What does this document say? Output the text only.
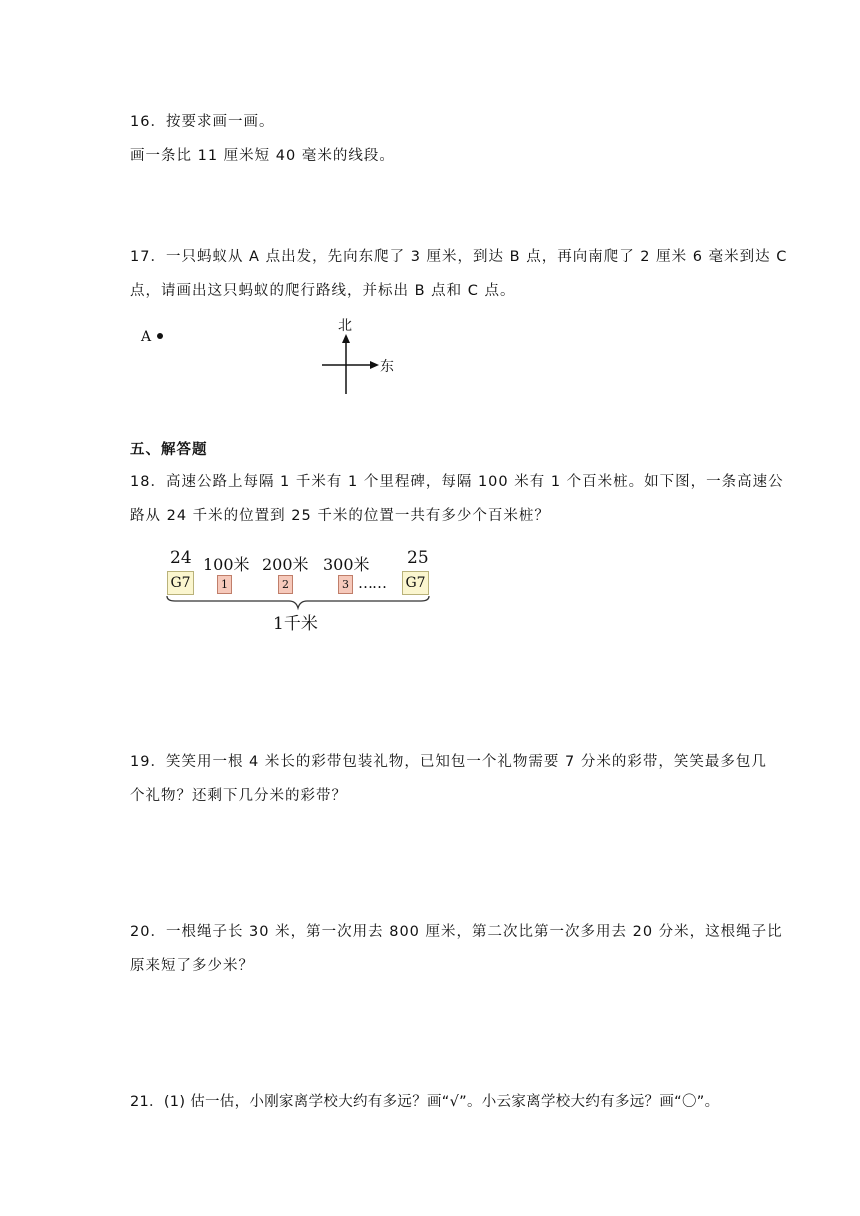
16．按要求画一画。
画一条比 11 厘米短 40 毫米的线段。
17．一只蚂蚁从 A 点出发，先向东爬了 3 厘米，到达 B 点，再向南爬了 2 厘米 6 毫米到达 C
点，请画出这只蚂蚁的爬行路线，并标出 B 点和 C 点。
A
北
东
五、解答题
18．高速公路上每隔 1 千米有 1 个里程碑，每隔 100 米有 1 个百米桩。如下图，一条高速公
路从 24 千米的位置到 25 千米的位置一共有多少个百米桩？
24	25
100米 200米 300米
G7	G7
1	2	3 ……
1千米
19．笑笑用一根 4 米长的彩带包装礼物，已知包一个礼物需要 7 分米的彩带，笑笑最多包几
个礼物？还剩下几分米的彩带？
20．一根绳子长 30 米，第一次用去 800 厘米，第二次比第一次多用去 20 分米，这根绳子比
原来短了多少米？
21．(1) 估一估，小刚家离学校大约有多远？画“√”。小云家离学校大约有多远？画“〇”。
